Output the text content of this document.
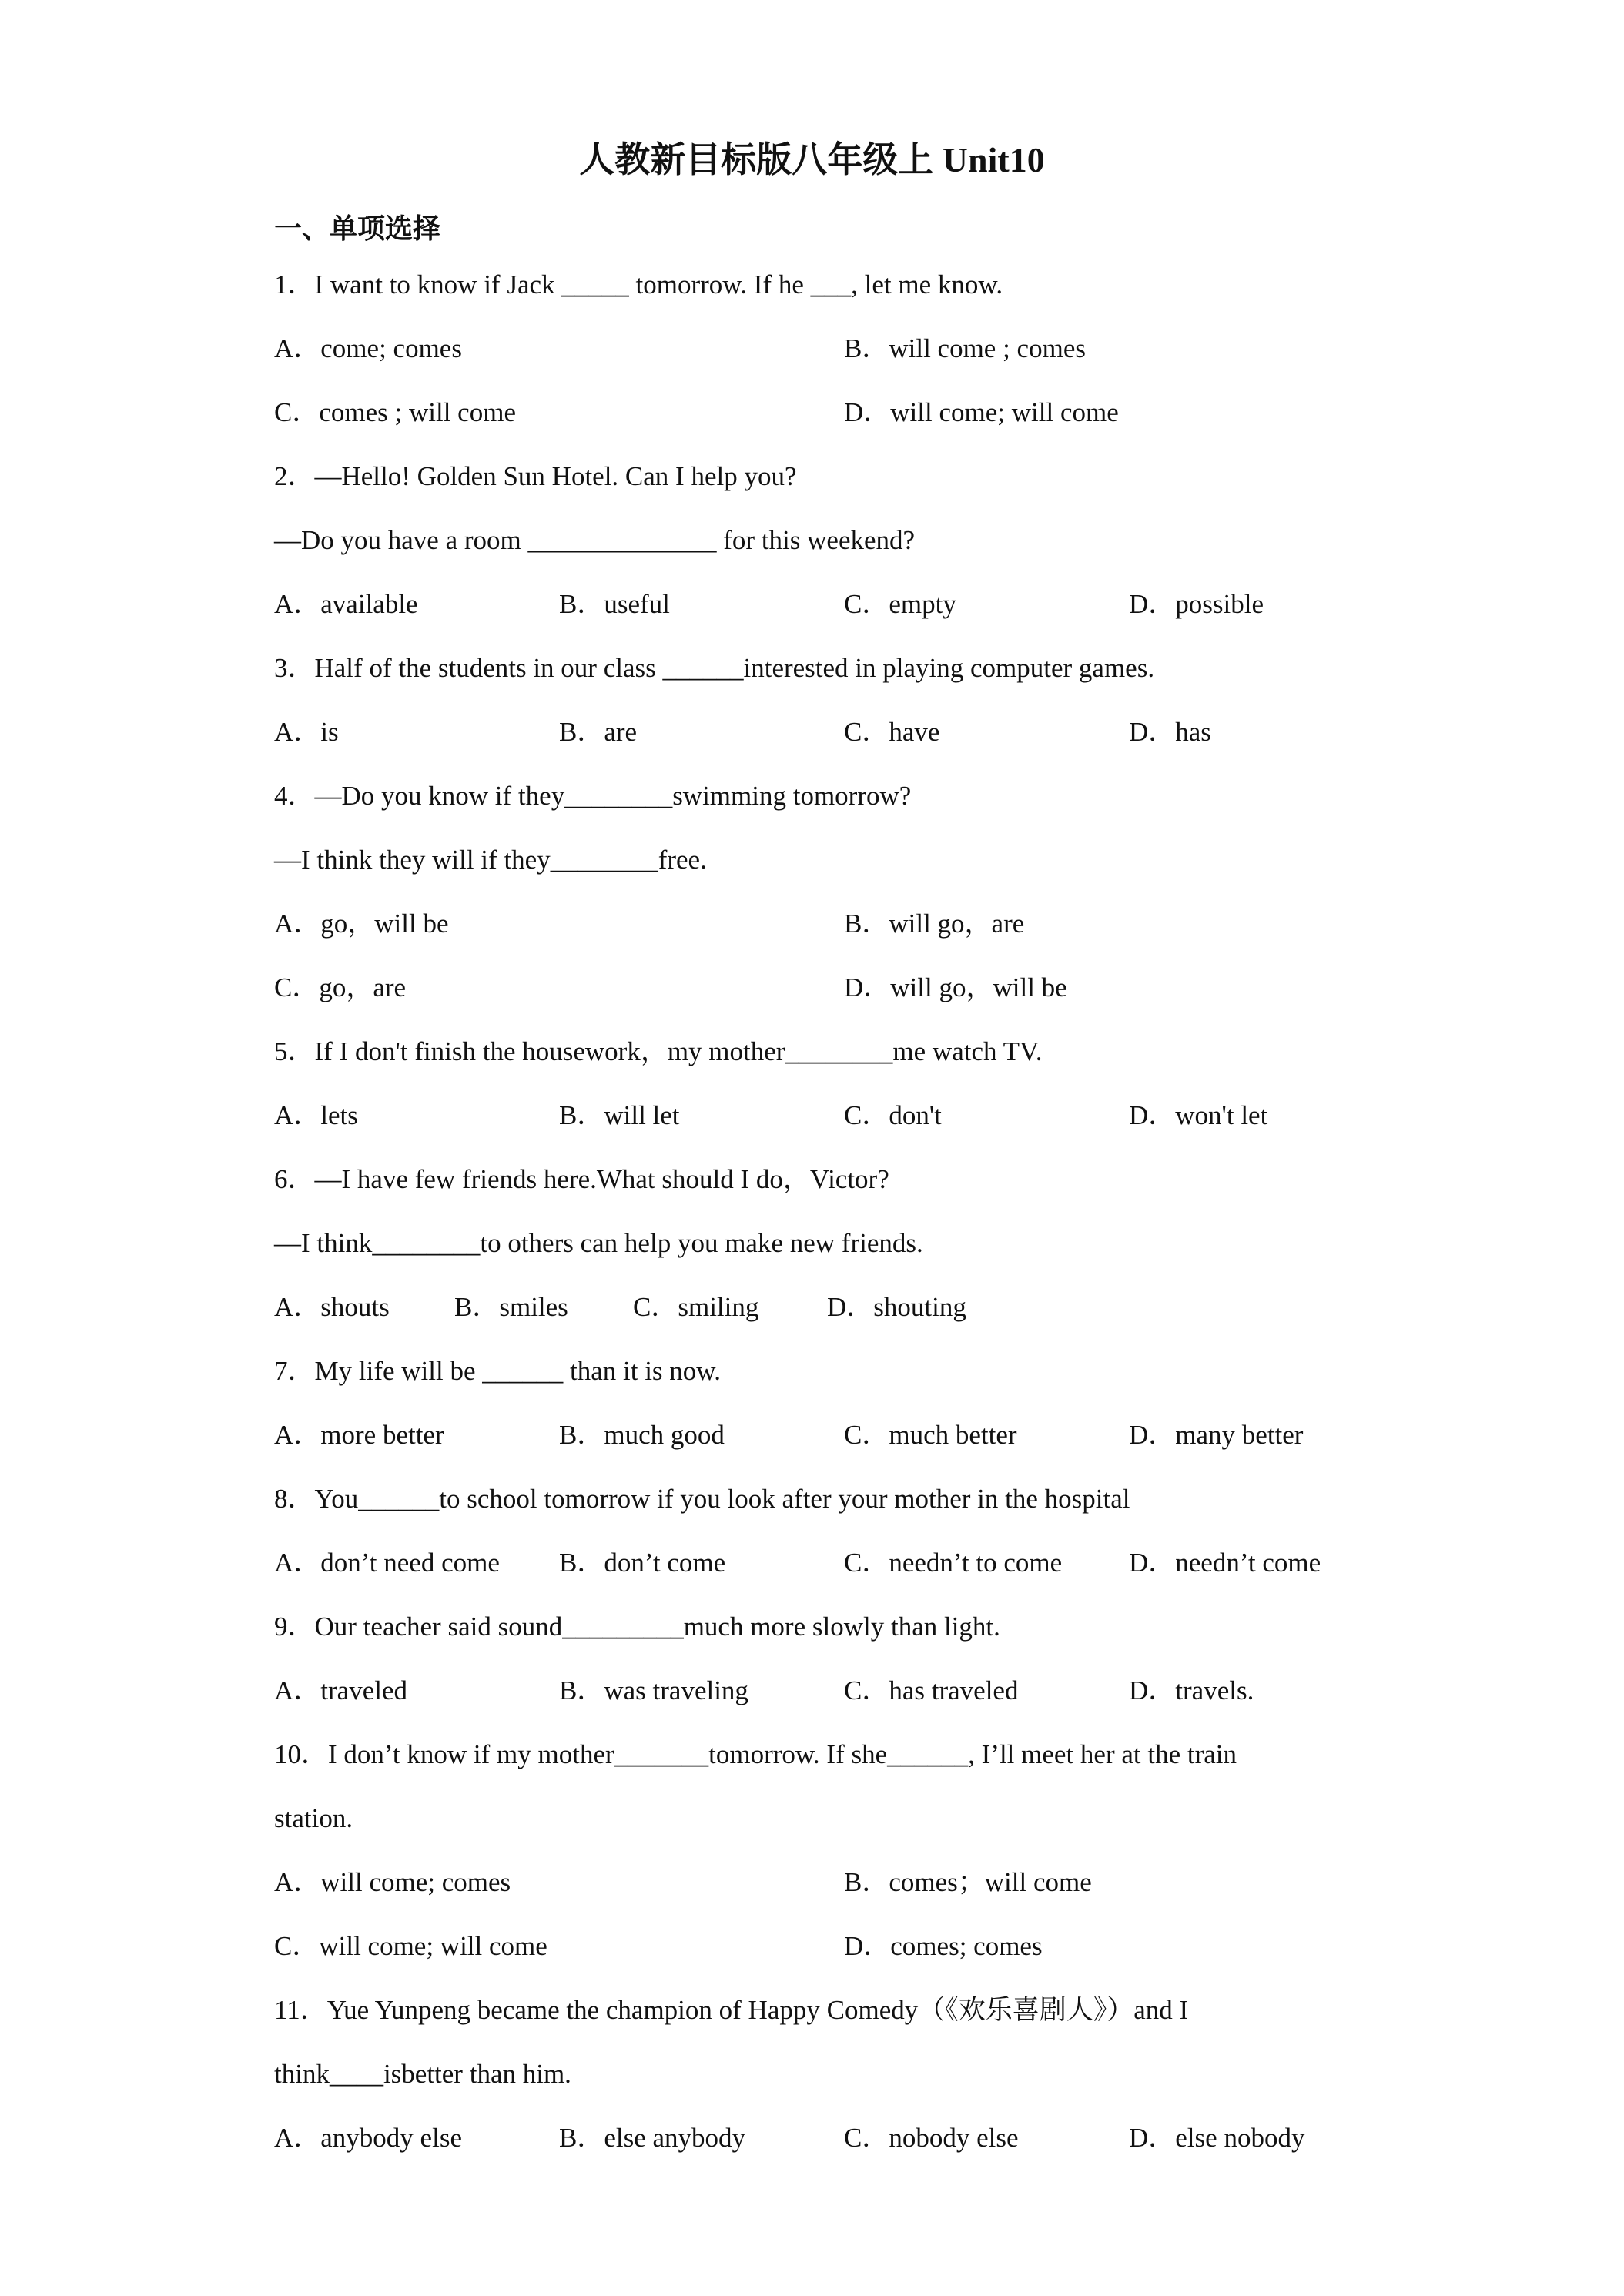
人教新目标版八年级上 Unit10
一、单项选择
1．I want to know if Jack _____ tomorrow. If he ___, let me know.
A．come; comes	B．will come ; comes
C．comes ; will come	D．will come; will come
2．—Hello! Golden Sun Hotel. Can I help you?
—Do you have a room ______________ for this weekend?
A．available	B．useful	C．empty	D．possible
3．Half of the students in our class ______interested in playing computer games.
A．is	B．are	C．have	D．has
4．—Do you know if they________swimming tomorrow?
—I think they will if they________free.
A．go，will be	B．will go，are
C．go，are	D．will go，will be
5．If I don't finish the housework，my mother________me watch TV.
A．lets	B．will let	C．don't	D．won't let
6．—I have few friends here.What should I do，Victor?
—I think________to others can help you make new friends.
A．shouts B．smiles C．smiling	D．shouting
7．My life will be ______ than it is now.
A．more better	B．much good	C．much better	D．many better
8．You______to school tomorrow if you look after your mother in the hospital
A．don’t need come B．don’t come	C．needn’t to come D．needn’t come
9．Our teacher said sound_________much more slowly than light.
A．traveled	B．was traveling	C．has traveled	D．travels.
10．I don’t know if my mother_______tomorrow. If she______, I’ll meet her at the train
station.
A．will come; comes	B．comes；will come
C．will come; will come	D．comes; comes
11．Yue Yunpeng became the champion of Happy Comedy（《欢乐喜剧人》）and I
think____isbetter than him.
A．anybody else	B．else anybody	C．nobody else	D．else nobody
